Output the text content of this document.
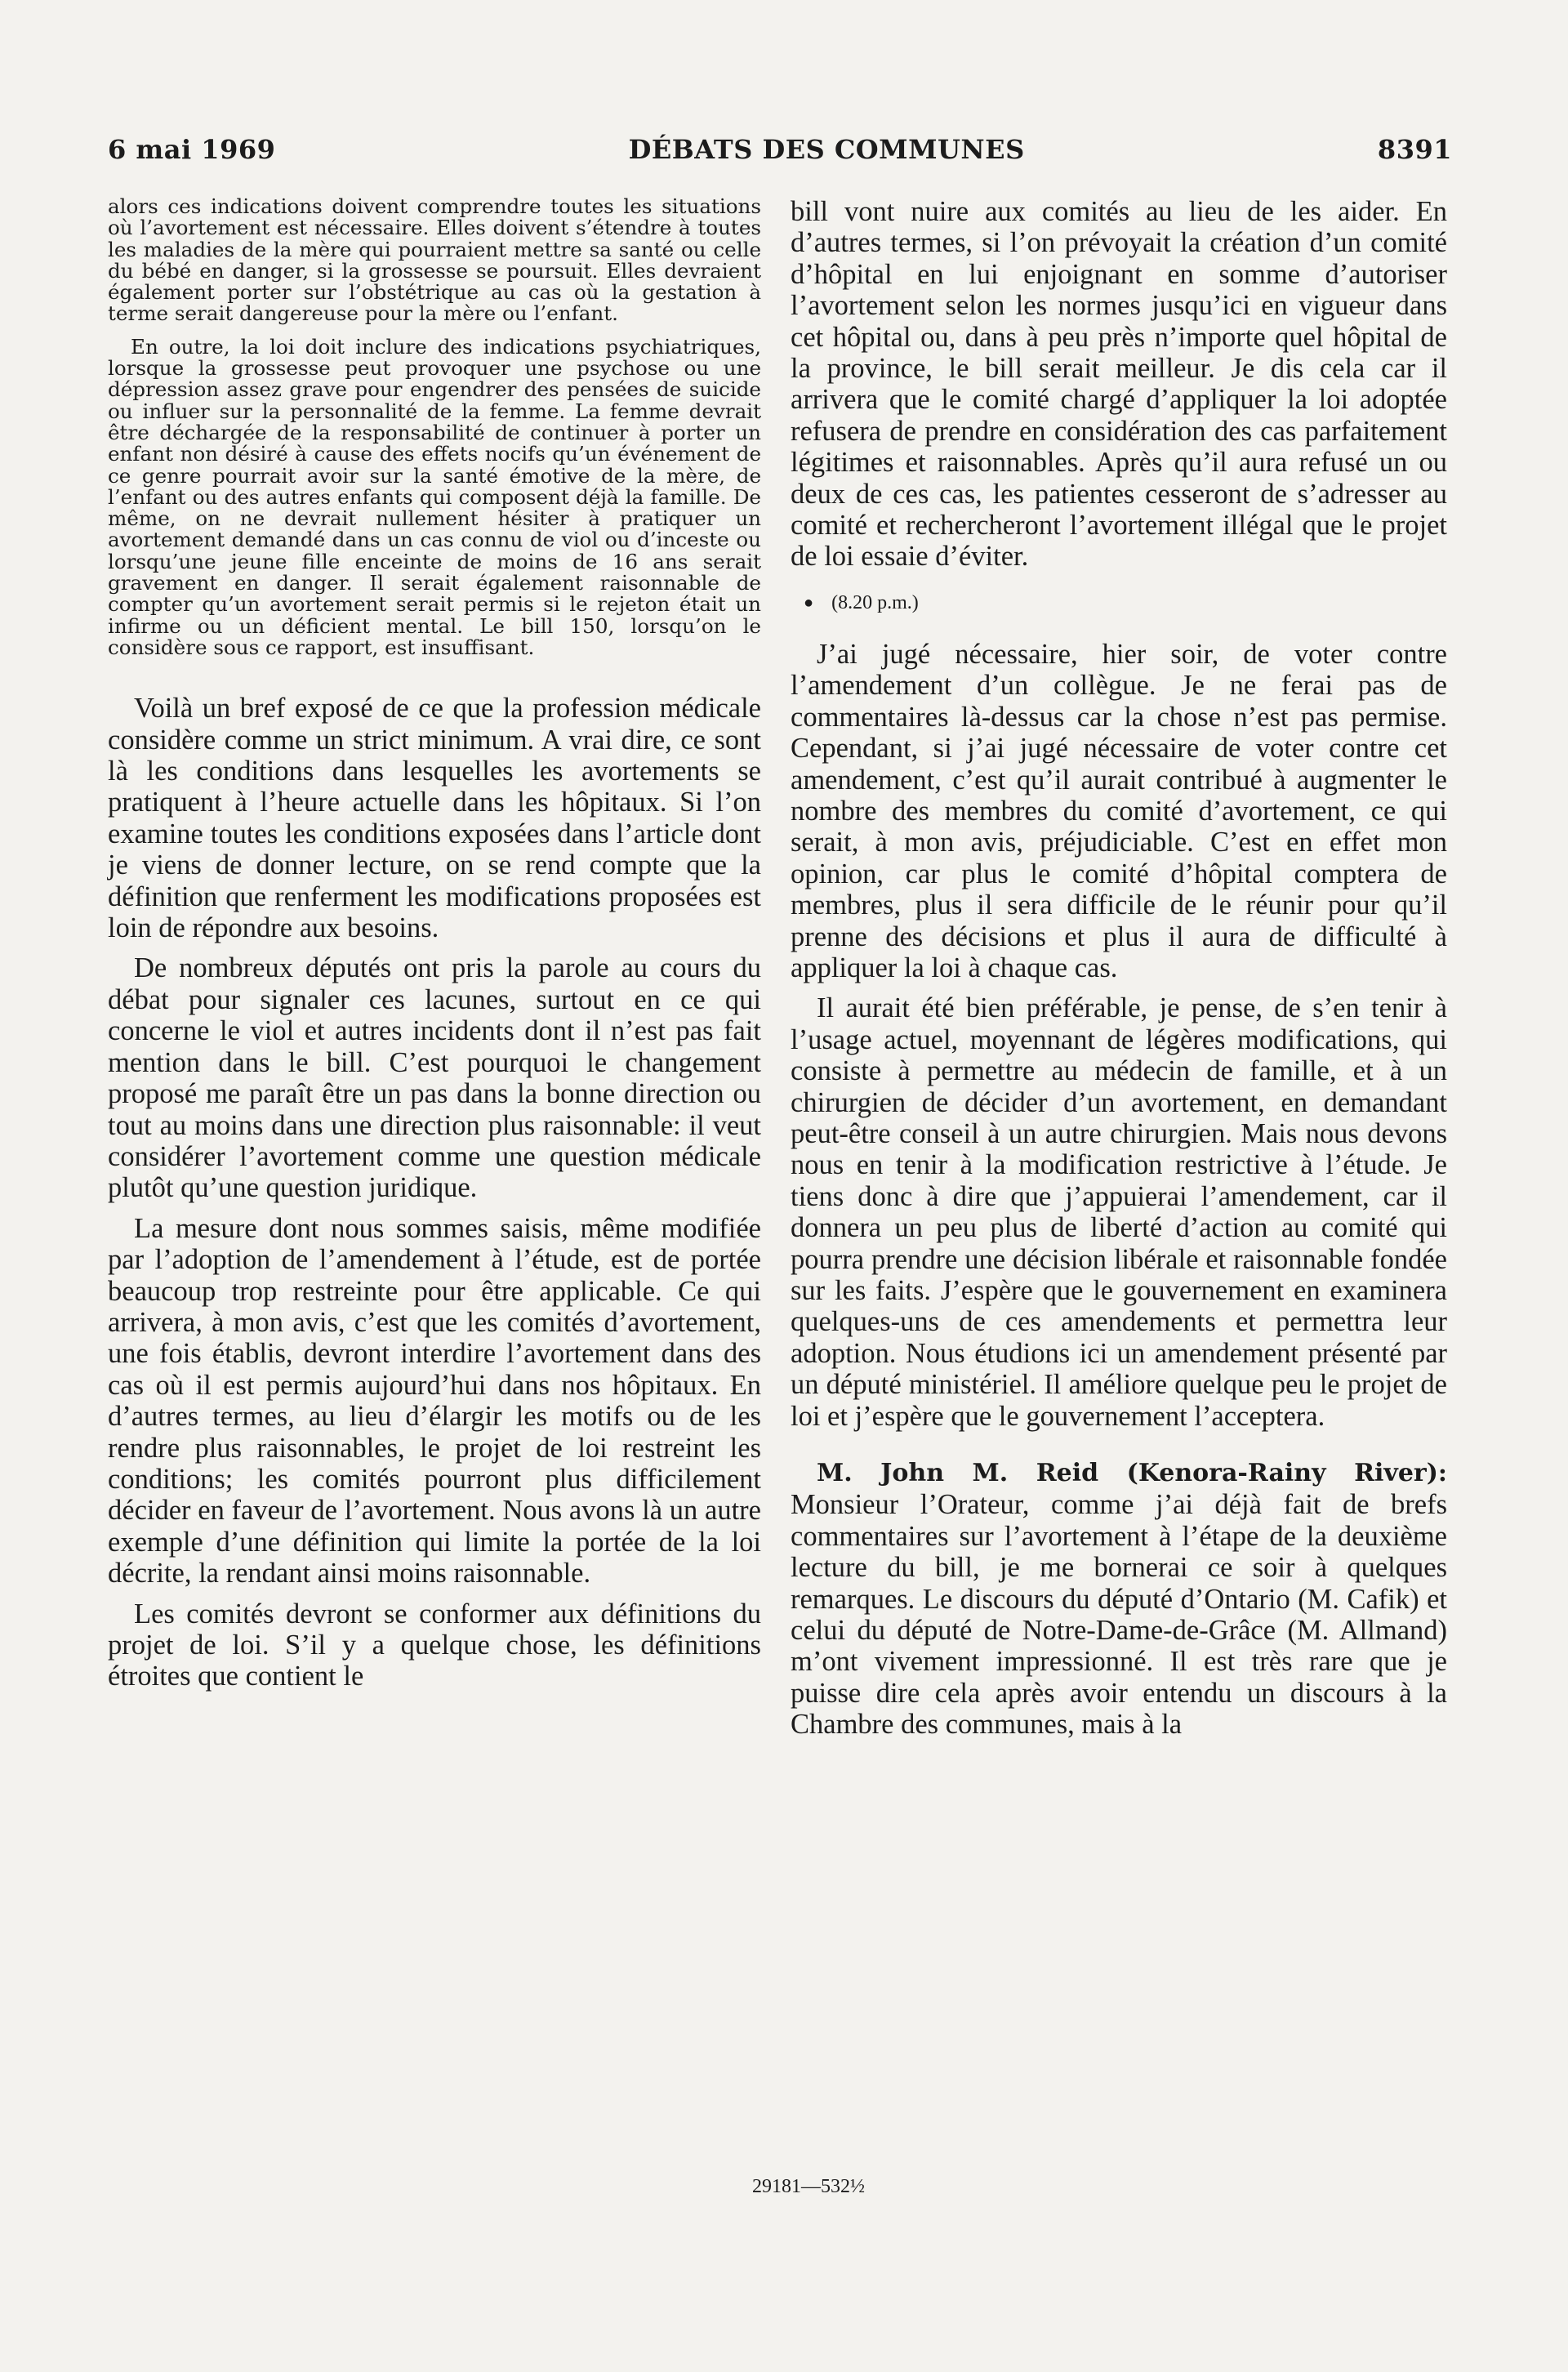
6 mai 1969	DÉBATS DES COMMUNES	8391

alors ces indications doivent comprendre toutes les situations où l’avortement est nécessaire. Elles doivent s’étendre à toutes les maladies de la mère qui pourraient mettre sa santé ou celle du bébé en danger, si la grossesse se poursuit. Elles devraient également porter sur l’obstétrique au cas où la gestation à terme serait dangereuse pour la mère ou l’enfant.

En outre, la loi doit inclure des indications psychiatriques, lorsque la grossesse peut provoquer une psychose ou une dépression assez grave pour engendrer des pensées de suicide ou influer sur la personnalité de la femme. La femme devrait être déchargée de la responsabilité de continuer à porter un enfant non désiré à cause des effets nocifs qu’un événement de ce genre pourrait avoir sur la santé émotive de la mère, de l’enfant ou des autres enfants qui composent déjà la famille. De même, on ne devrait nullement hésiter à pratiquer un avortement demandé dans un cas connu de viol ou d’inceste ou lorsqu’une jeune fille enceinte de moins de 16 ans serait gravement en danger. Il serait également raisonnable de compter qu’un avortement serait permis si le rejeton était un infirme ou un déficient mental. Le bill 150, lorsqu’on le considère sous ce rapport, est insuffisant.

Voilà un bref exposé de ce que la profession médicale considère comme un strict minimum. A vrai dire, ce sont là les conditions dans lesquelles les avortements se pratiquent à l’heure actuelle dans les hôpitaux. Si l’on examine toutes les conditions exposées dans l’article dont je viens de donner lecture, on se rend compte que la définition que renferment les modifications proposées est loin de répondre aux besoins.

De nombreux députés ont pris la parole au cours du débat pour signaler ces lacunes, surtout en ce qui concerne le viol et autres incidents dont il n’est pas fait mention dans le bill. C’est pourquoi le changement proposé me paraît être un pas dans la bonne direction ou tout au moins dans une direction plus raisonnable: il veut considérer l’avortement comme une question médicale plutôt qu’une question juridique.

La mesure dont nous sommes saisis, même modifiée par l’adoption de l’amendement à l’étude, est de portée beaucoup trop restreinte pour être applicable. Ce qui arrivera, à mon avis, c’est que les comités d’avortement, une fois établis, devront interdire l’avortement dans des cas où il est permis aujourd’hui dans nos hôpitaux. En d’autres termes, au lieu d’élargir les motifs ou de les rendre plus raisonnables, le projet de loi restreint les conditions; les comités pourront plus difficilement décider en faveur de l’avortement. Nous avons là un autre exemple d’une définition qui limite la portée de la loi décrite, la rendant ainsi moins raisonnable.

Les comités devront se conformer aux définitions du projet de loi. S’il y a quelque chose, les définitions étroites que contient le

bill vont nuire aux comités au lieu de les aider. En d’autres termes, si l’on prévoyait la création d’un comité d’hôpital en lui enjoignant en somme d’autoriser l’avortement selon les normes jusqu’ici en vigueur dans cet hôpital ou, dans à peu près n’importe quel hôpital de la province, le bill serait meilleur. Je dis cela car il arrivera que le comité chargé d’appliquer la loi adoptée refusera de prendre en considération des cas parfaitement légitimes et raisonnables. Après qu’il aura refusé un ou deux de ces cas, les patientes cesseront de s’adresser au comité et rechercheront l’avortement illégal que le projet de loi essaie d’éviter.

● (8.20 p.m.)

J’ai jugé nécessaire, hier soir, de voter contre l’amendement d’un collègue. Je ne ferai pas de commentaires là-dessus car la chose n’est pas permise. Cependant, si j’ai jugé nécessaire de voter contre cet amendement, c’est qu’il aurait contribué à augmenter le nombre des membres du comité d’avortement, ce qui serait, à mon avis, préjudiciable. C’est en effet mon opinion, car plus le comité d’hôpital comptera de membres, plus il sera difficile de le réunir pour qu’il prenne des décisions et plus il aura de difficulté à appliquer la loi à chaque cas.

Il aurait été bien préférable, je pense, de s’en tenir à l’usage actuel, moyennant de légères modifications, qui consiste à permettre au médecin de famille, et à un chirurgien de décider d’un avortement, en demandant peut-être conseil à un autre chirurgien. Mais nous devons nous en tenir à la modification restrictive à l’étude. Je tiens donc à dire que j’appuierai l’amendement, car il donnera un peu plus de liberté d’action au comité qui pourra prendre une décision libérale et raisonnable fondée sur les faits. J’espère que le gouvernement en examinera quelques-uns de ces amendements et permettra leur adoption. Nous étudions ici un amendement présenté par un député ministériel. Il améliore quelque peu le projet de loi et j’espère que le gouvernement l’acceptera.

M. John M. Reid (Kenora-Rainy River): Monsieur l’Orateur, comme j’ai déjà fait de brefs commentaires sur l’avortement à l’étape de la deuxième lecture du bill, je me bornerai ce soir à quelques remarques. Le discours du député d’Ontario (M. Cafik) et celui du député de Notre-Dame-de-Grâce (M. Allmand) m’ont vivement impressionné. Il est très rare que je puisse dire cela après avoir entendu un discours à la Chambre des communes, mais à la

29181—532½
